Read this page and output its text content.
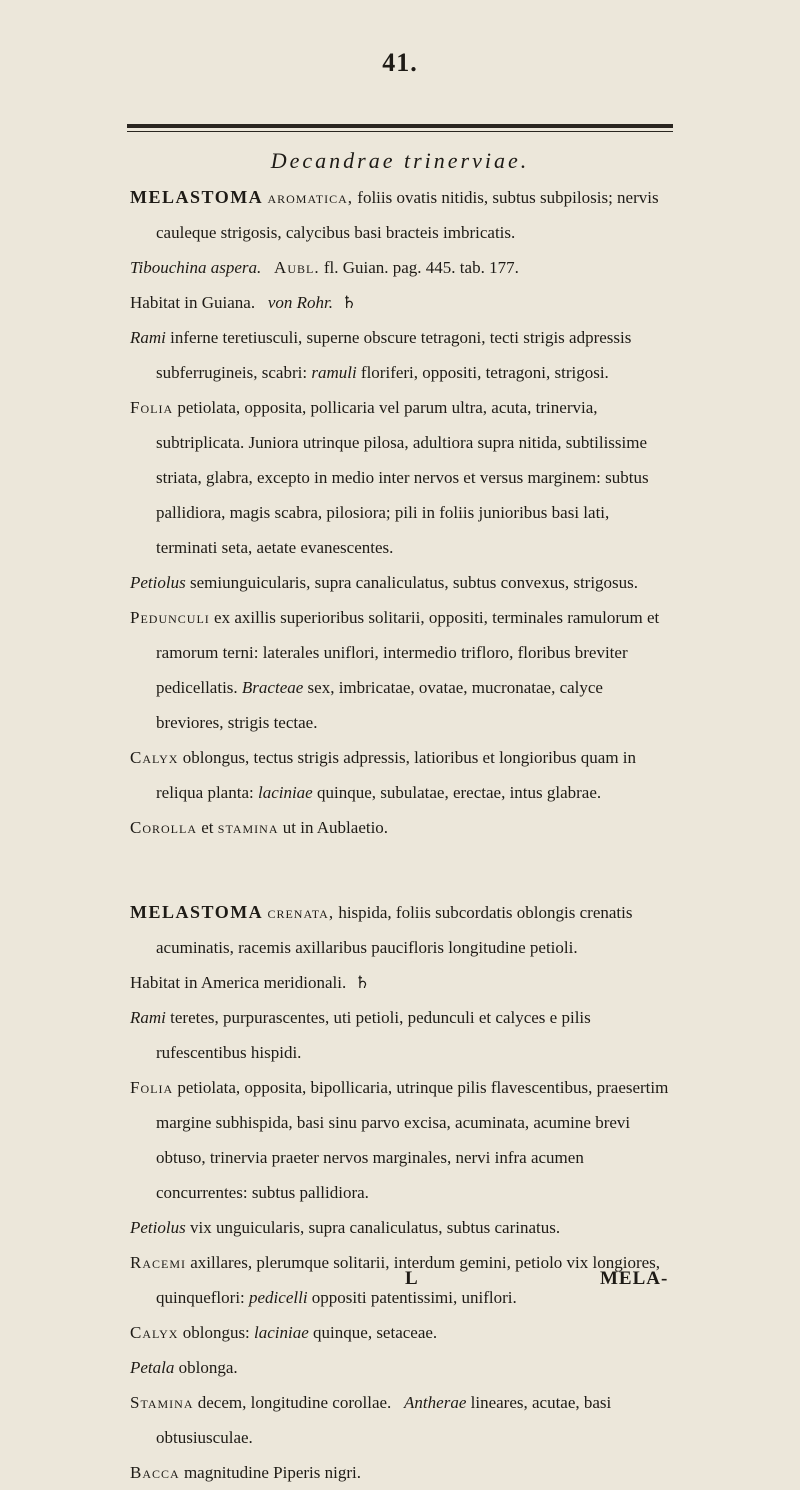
41.
Decandrae trinerviae.

MELASTOMA aromatica, foliis ovatis nitidis, subtus subpilosis; nervis cauleque strigosis, calycibus basi bracteis imbricatis.

Tibouchina aspera. Aubl. fl. Guian. pag. 445. tab. 177.

Habitat in Guiana. von Rohr. ♄

Rami inferne teretiusculi, superne obscure tetragoni, tecti strigis adpressis subferrugineis, scabri: ramuli floriferi, oppositi, tetragoni, strigosi.

Folia petiolata, opposita, pollicaria vel parum ultra, acuta, trinervia, subtriplicata. Juniora utrinque pilosa, adultiora supra nitida, subtilissime striata, glabra, excepto in medio inter nervos et versus marginem: subtus pallidiora, magis scabra, pilosiora; pili in foliis junioribus basi lati, terminati seta, aetate evanescentes.

Petiolus semiunguicularis, supra canaliculatus, subtus convexus, strigosus.

Pedunculi ex axillis superioribus solitarii, oppositi, terminales ramulorum et ramorum terni: laterales uniflori, intermedio trifloro, floribus breviter pedicellatis. Bracteae sex, imbricatae, ovatae, mucronatae, calyce breviores, strigis tectae.

Calyx oblongus, tectus strigis adpressis, latioribus et longioribus quam in reliqua planta: laciniae quinque, subulatae, erectae, intus glabrae.

Corolla et stamina ut in Aublaetio.

MELASTOMA crenata, hispida, foliis subcordatis oblongis crenatis acuminatis, racemis axillaribus paucifloris longitudine petioli.

Habitat in America meridionali. ♄

Rami teretes, purpurascentes, uti petioli, pedunculi et calyces e pilis rufescentibus hispidi.

Folia petiolata, opposita, bipollicaria, utrinque pilis flavescentibus, praesertim margine subhispida, basi sinu parvo excisa, acuminata, acumine brevi obtuso, trinervia praeter nervos marginales, nervi infra acumen concurrentes: subtus pallidiora.

Petiolus vix unguicularis, supra canaliculatus, subtus carinatus.

Racemi axillares, plerumque solitarii, interdum gemini, petiolo vix longiores, quinqueflori: pedicelli oppositi patentissimi, uniflori.

Calyx oblongus: laciniae quinque, setaceae.

Petala oblonga.

Stamina decem, longitudine corollae. Antherae lineares, acutae, basi obtusiusculae.

Bacca magnitudine Piperis nigri.

L	MELA-
